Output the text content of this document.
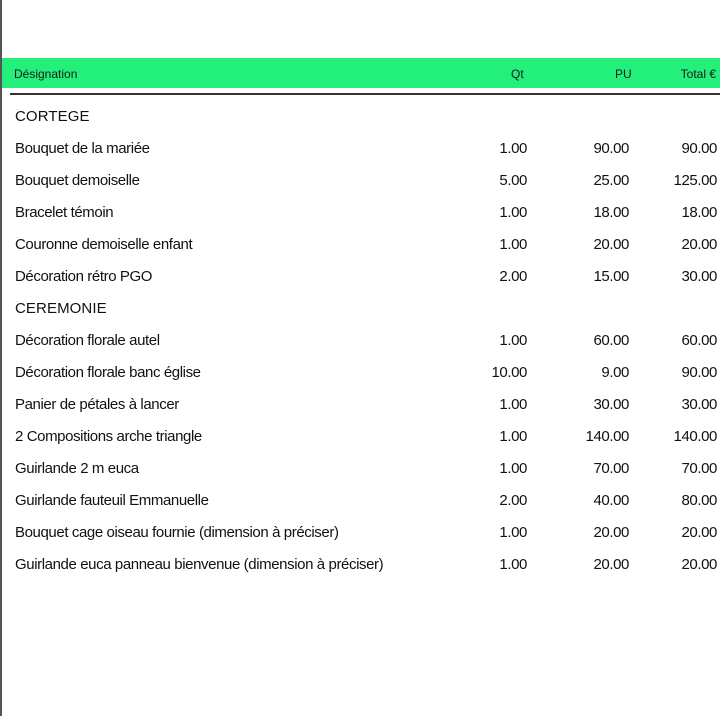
Désignation	Qt	PU	Total €
CORTEGE
Bouquet de la mariée	1.00	90.00	90.00
Bouquet demoiselle	5.00	25.00	125.00
Bracelet témoin	1.00	18.00	18.00
Couronne demoiselle enfant	1.00	20.00	20.00
Décoration rétro PGO	2.00	15.00	30.00
CEREMONIE
Décoration florale autel	1.00	60.00	60.00
Décoration florale banc église	10.00	9.00	90.00
Panier de pétales à lancer	1.00	30.00	30.00
2 Compositions arche triangle	1.00	140.00	140.00
Guirlande 2 m euca	1.00	70.00	70.00
Guirlande fauteuil Emmanuelle	2.00	40.00	80.00
Bouquet cage oiseau fournie (dimension à préciser)	1.00	20.00	20.00
Guirlande euca panneau bienvenue (dimension à préciser)	1.00	20.00	20.00
